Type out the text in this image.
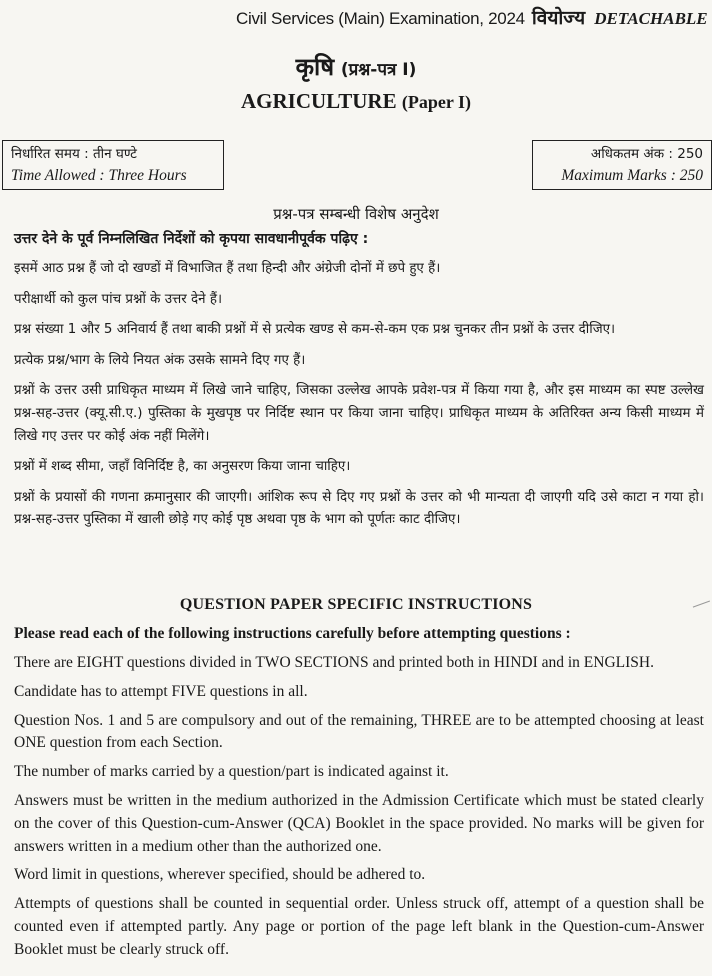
Civil Services (Main) Examination, 2024 वियोज्य DETACHABLE
कृषि (प्रश्न-पत्र I)
AGRICULTURE (Paper I)
निर्धारित समय : तीन घण्टे
Time Allowed : Three Hours
अधिकतम अंक : 250
Maximum Marks : 250
प्रश्न-पत्र सम्बन्धी विशेष अनुदेश
उत्तर देने के पूर्व निम्नलिखित निर्देशों को कृपया सावधानीपूर्वक पढ़िए :

इसमें आठ प्रश्न हैं जो दो खण्डों में विभाजित हैं तथा हिन्दी और अंग्रेजी दोनों में छपे हुए हैं।

परीक्षार्थी को कुल पांच प्रश्नों के उत्तर देने हैं।

प्रश्न संख्या 1 और 5 अनिवार्य हैं तथा बाकी प्रश्नों में से प्रत्येक खण्ड से कम-से-कम एक प्रश्न चुनकर तीन प्रश्नों के उत्तर दीजिए।

प्रत्येक प्रश्न/भाग के लिये नियत अंक उसके सामने दिए गए हैं।

प्रश्नों के उत्तर उसी प्राधिकृत माध्यम में लिखे जाने चाहिए, जिसका उल्लेख आपके प्रवेश-पत्र में किया गया है, और इस माध्यम का स्पष्ट उल्लेख प्रश्न-सह-उत्तर (क्यू.सी.ए.) पुस्तिका के मुखपृष्ठ पर निर्दिष्ट स्थान पर किया जाना चाहिए। प्राधिकृत माध्यम के अतिरिक्त अन्य किसी माध्यम में लिखे गए उत्तर पर कोई अंक नहीं मिलेंगे।

प्रश्नों में शब्द सीमा, जहाँ विनिर्दिष्ट है, का अनुसरण किया जाना चाहिए।

प्रश्नों के प्रयासों की गणना क्रमानुसार की जाएगी। आंशिक रूप से दिए गए प्रश्नों के उत्तर को भी मान्यता दी जाएगी यदि उसे काटा न गया हो। प्रश्न-सह-उत्तर पुस्तिका में खाली छोड़े गए कोई पृष्ठ अथवा पृष्ठ के भाग को पूर्णतः काट दीजिए।

QUESTION PAPER SPECIFIC INSTRUCTIONS
Please read each of the following instructions carefully before attempting questions :

There are EIGHT questions divided in TWO SECTIONS and printed both in HINDI and in ENGLISH.

Candidate has to attempt FIVE questions in all.

Question Nos. 1 and 5 are compulsory and out of the remaining, THREE are to be attempted choosing at least ONE question from each Section.

The number of marks carried by a question/part is indicated against it.

Answers must be written in the medium authorized in the Admission Certificate which must be stated clearly on the cover of this Question-cum-Answer (QCA) Booklet in the space provided. No marks will be given for answers written in a medium other than the authorized one.

Word limit in questions, wherever specified, should be adhered to.

Attempts of questions shall be counted in sequential order. Unless struck off, attempt of a question shall be counted even if attempted partly. Any page or portion of the page left blank in the Question-cum-Answer Booklet must be clearly struck off.
